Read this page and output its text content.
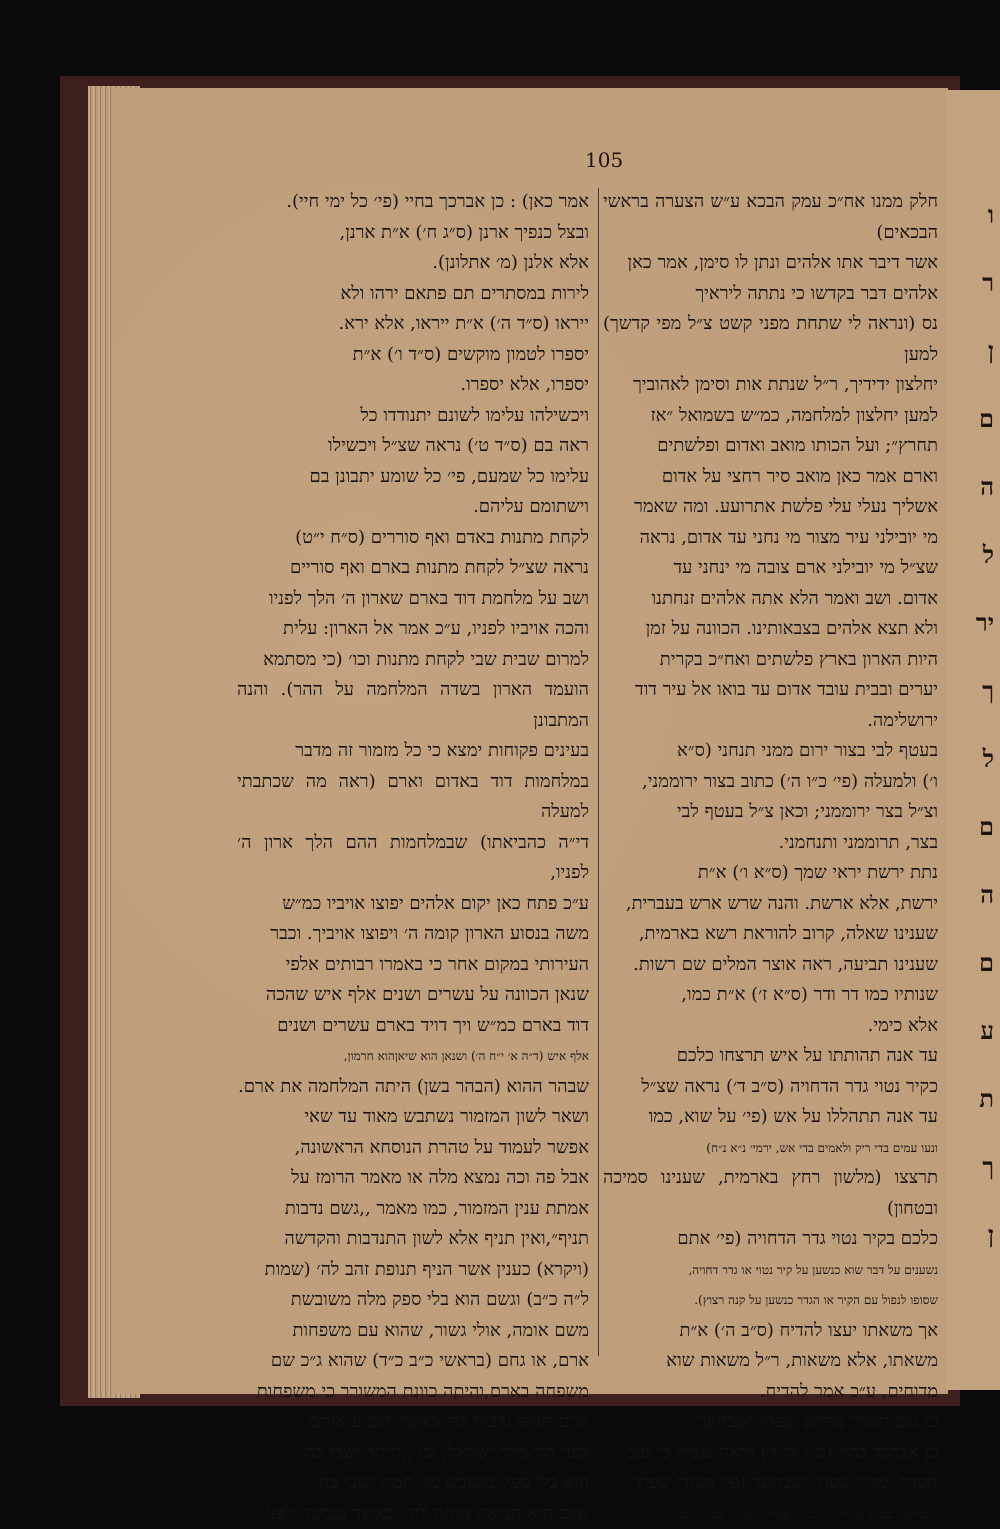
ו
ר
ן
ם
ה
ל
יר
ך
ל
ם
ה
ם
ע
ת
ך
ן
105

חלק ממנו אח״כ עמק הבכא ע״ש הצערה בראשי הבכאים)

אשר דיבר אתו אלהים ונתן לו סימן, אמר כאן

אלהים דבר בקדשו כי נתתה ליראיך

נס (ונראה לי שתחת מפני קשט צ״ל מפי קדשך) למען

יחלצון ידידיך, ר״ל שנתת אות וסימן לאהוביך

למען יחלצון למלחמה, כמ״ש בשמואל ״אז

תחרץ״; ועל הכותו מואב ואדום ופלשתים

וארם אמר כאן מואב סיר רחצי על אדום

אשליך נעלי עלי פלשת אתרועע. ומה שאמר

מי יובילני עיר מצור מי נחני עד אדום, נראה

שצ״ל מי יובילני ארם צובה מי ינחני עד

אדום. ושב ואמר הלא אתה אלהים זנחתנו

ולא תצא אלהים בצבאותינו. הכוונה על זמן

היות הארון בארץ פלשתים ואח״כ בקרית

יערים ובבית עובד אדום עד בואו אל עיר דוד

ירושלימה.

בעטף לבי בצור ירום ממני תנחני (ס״א

ו׳) ולמעלה (פי׳ כ״ו ה׳) כתוב בצור ירוממני,

וצ״ל בצר ירוממני; וכאן צ״ל בעטף לבי

בצר, תרוממני ותנחמני.

נתת ירשת יראי שמך (ס״א ו׳) א״ת

ירשת, אלא ארשת. והנה שרש ארש בעברית,

שענינו שאלה, קרוב להוראת רשא בארמית,

שענינו תביעה, ראה אוצר המלים שם רשות.

שנותיו כמו דר ודר (ס״א ז׳) א״ת כמו,

אלא כימי.

עד אנה תהותתו על איש תרצחו כלכם

כקיר נטוי גדר הדחויה (ס״ב ד׳) נראה שצ״ל

עד אנה תתהללו על אש (פי׳ על שוא, כמו

ונעו עמים בדי ריק ולאמים בדי אש, ירמי׳ נ״א נ״ח)

תרצצו (מלשון רחץ בארמית, שענינו סמיכה ובטחון)

כלכם בקיר נטוי גדר הדחויה (פי׳ אתם

נשענים על דבר שוא כנשען על קיר נטוי או גדר דחויה,

שסופו לנפול עם הקיר או הגדר כנשען על קנה רצוץ).

אך משאתו יעצו להדיח (ס״ב ה׳) א״ת

משאתו, אלא משאות, ר״ל משאות שוא

מדוחים, ע״כ אמר להדיח.

כי טוב חסדך מחיים שפתי ישבחונך;

כן אברכך בחיי (ס״ג ה׳ ו׳) נראה שצ״ל כי טוב

חסדך, מחיי שפתי ישבחונך (פי׳ מעודי שפתי

ישבחונך, כמ״ש אהללה ה׳ בחיי אזמרה לאלהי בעודי, וכן

אמר כאן) : כן אברכך בחיי (פי׳ כל ימי חיי).

ובצל כנפיך ארנן (ס״ג ח׳) א״ת ארנן,

אלא אלנן (מ׳ אתלונן).

לירות במסתרים תם פתאם ירהו ולא

ייראו (ס״ד ה׳) א״ת ייראו, אלא ירא.

יספרו לטמון מוקשים (ס״ד ו׳) א״ת

יספרו, אלא יספרו.

ויכשילהו עלימו לשונם יתנודדו כל

ראה בם (ס״ד ט׳) נראה שצ״ל ויכשילו

עלימו כל שמעם, פי׳ כל שומע יתבונן בם

וישתומם עליהם.

לקחת מתנות באדם ואף סוררים (ס״ח י״ט)

נראה שצ״ל לקחת מתנות בארם ואף סוריים

ושב על מלחמת דוד בארם שארון ה׳ הלך לפניו

והכה אויביו לפניו, ע״כ אמר אל הארון: עלית

למרום שבית שבי לקחת מתנות וכו׳ (כי מסתמא

הועמד הארון בשדה המלחמה על ההר). והנה המתבונן

בעינים פקוחות ימצא כי כל מזמור זה מדבר

במלחמות דוד באדום וארם (ראה מה שכתבתי למעלה

די״ה כהביאתו) שבמלחמות ההם הלך ארון ה׳ לפניו,

ע״כ פתח כאן יקום אלהים יפוצו אויביו כמ״ש

משה בנסוע הארון קומה ה׳ ויפוצו אויביך. וכבר

העירותי במקום אחר כי באמרו רבותים אלפי

שנאן הכוונה על עשרים ושנים אלף איש שהכה

דוד בארם כמ״ש ויך דויד בארם עשרים ושנים

אלף איש (ד״ה א׳ י״ח ה׳) ושנאן הוא שיאןהוא חרמון,

שבהר ההוא (הבהר בשן) היתה המלחמה את ארם.

ושאר לשון המזמור נשתבש מאוד עד שאי

אפשר לעמוד על טהרת הנוסחא הראשונה,

אבל פה וכה נמצא מלה או מאמר הרומז על

אמתת ענין המזמור, כמו מאמר ,,גשם נדבות

תניף״,ואין תניף אלא לשון התנדבות והקדשה

(ויקרא) כענין אשר הניף תנופת זהב לה׳ (שמות

ל״ה כ״ב) וגשם הוא בלי ספק מלה משובשת

משם אומה, אולי גשור, שהוא עם משפחות

ארם, או גחם (בראשי כ״ב כ״ד) שהוא ג״כ שם

משפחה בארם,והיתה כוונת המשורר כי משפחות

ארם הניפו נדבות לה׳ כאשר הכניע אותם

לפני דוד מלך ישראל; וכן ,,חיתך ישבו בה״

הוא בלי ספק משובש מן: חמת ישבי בה,

שגם היא הביאה מנחה לה׳, כאשר נכבשה לפני
